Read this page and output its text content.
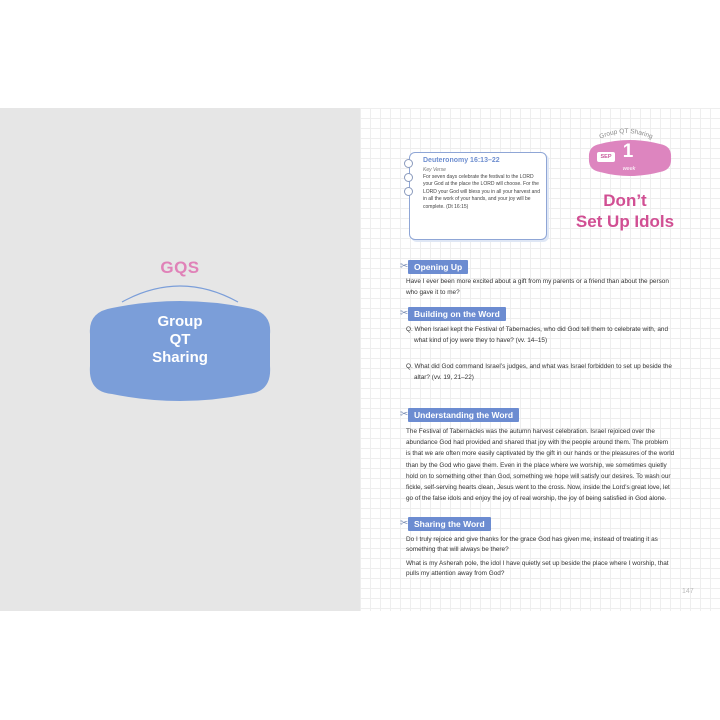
GQS
Group
QT
Sharing
Deuteronomy 16:13–22
Key Verse
For seven days celebrate the festival to the LORD your God at the place the LORD will choose. For the LORD your God will bless you in all your harvest and in all the work of your hands, and your joy will be complete. (Dt 16:15)
Group QT Sharing
SEP 1
week
Don’t
Set Up Idols
✂ Opening Up
Have I ever been more excited about a gift from my parents or a friend than about the person
who gave it to me?
✂ Building on the Word
Q. When Israel kept the Festival of Tabernacles, who did God tell them to celebrate with, and
what kind of joy were they to have? (vv. 14–15)
Q. What did God command Israel’s judges, and what was Israel forbidden to set up beside the
altar? (vv. 19, 21–22)
✂ Understanding the Word
The Festival of Tabernacles was the autumn harvest celebration. Israel rejoiced over the
abundance God had provided and shared that joy with the people around them. The problem
is that we are often more easily captivated by the gift in our hands or the pleasures of the world
than by the God who gave them. Even in the place where we worship, we sometimes quietly
hold on to something other than God, something we hope will satisfy our desires. To wash our
fickle, self-serving hearts clean, Jesus went to the cross. Now, inside the Lord’s great love, let
go of the false idols and enjoy the joy of real worship, the joy of being satisfied in God alone.
✂ Sharing the Word
Do I truly rejoice and give thanks for the grace God has given me, instead of treating it as
something that will always be there?
What is my Asherah pole, the idol I have quietly set up beside the place where I worship, that
pulls my attention away from God?
147
